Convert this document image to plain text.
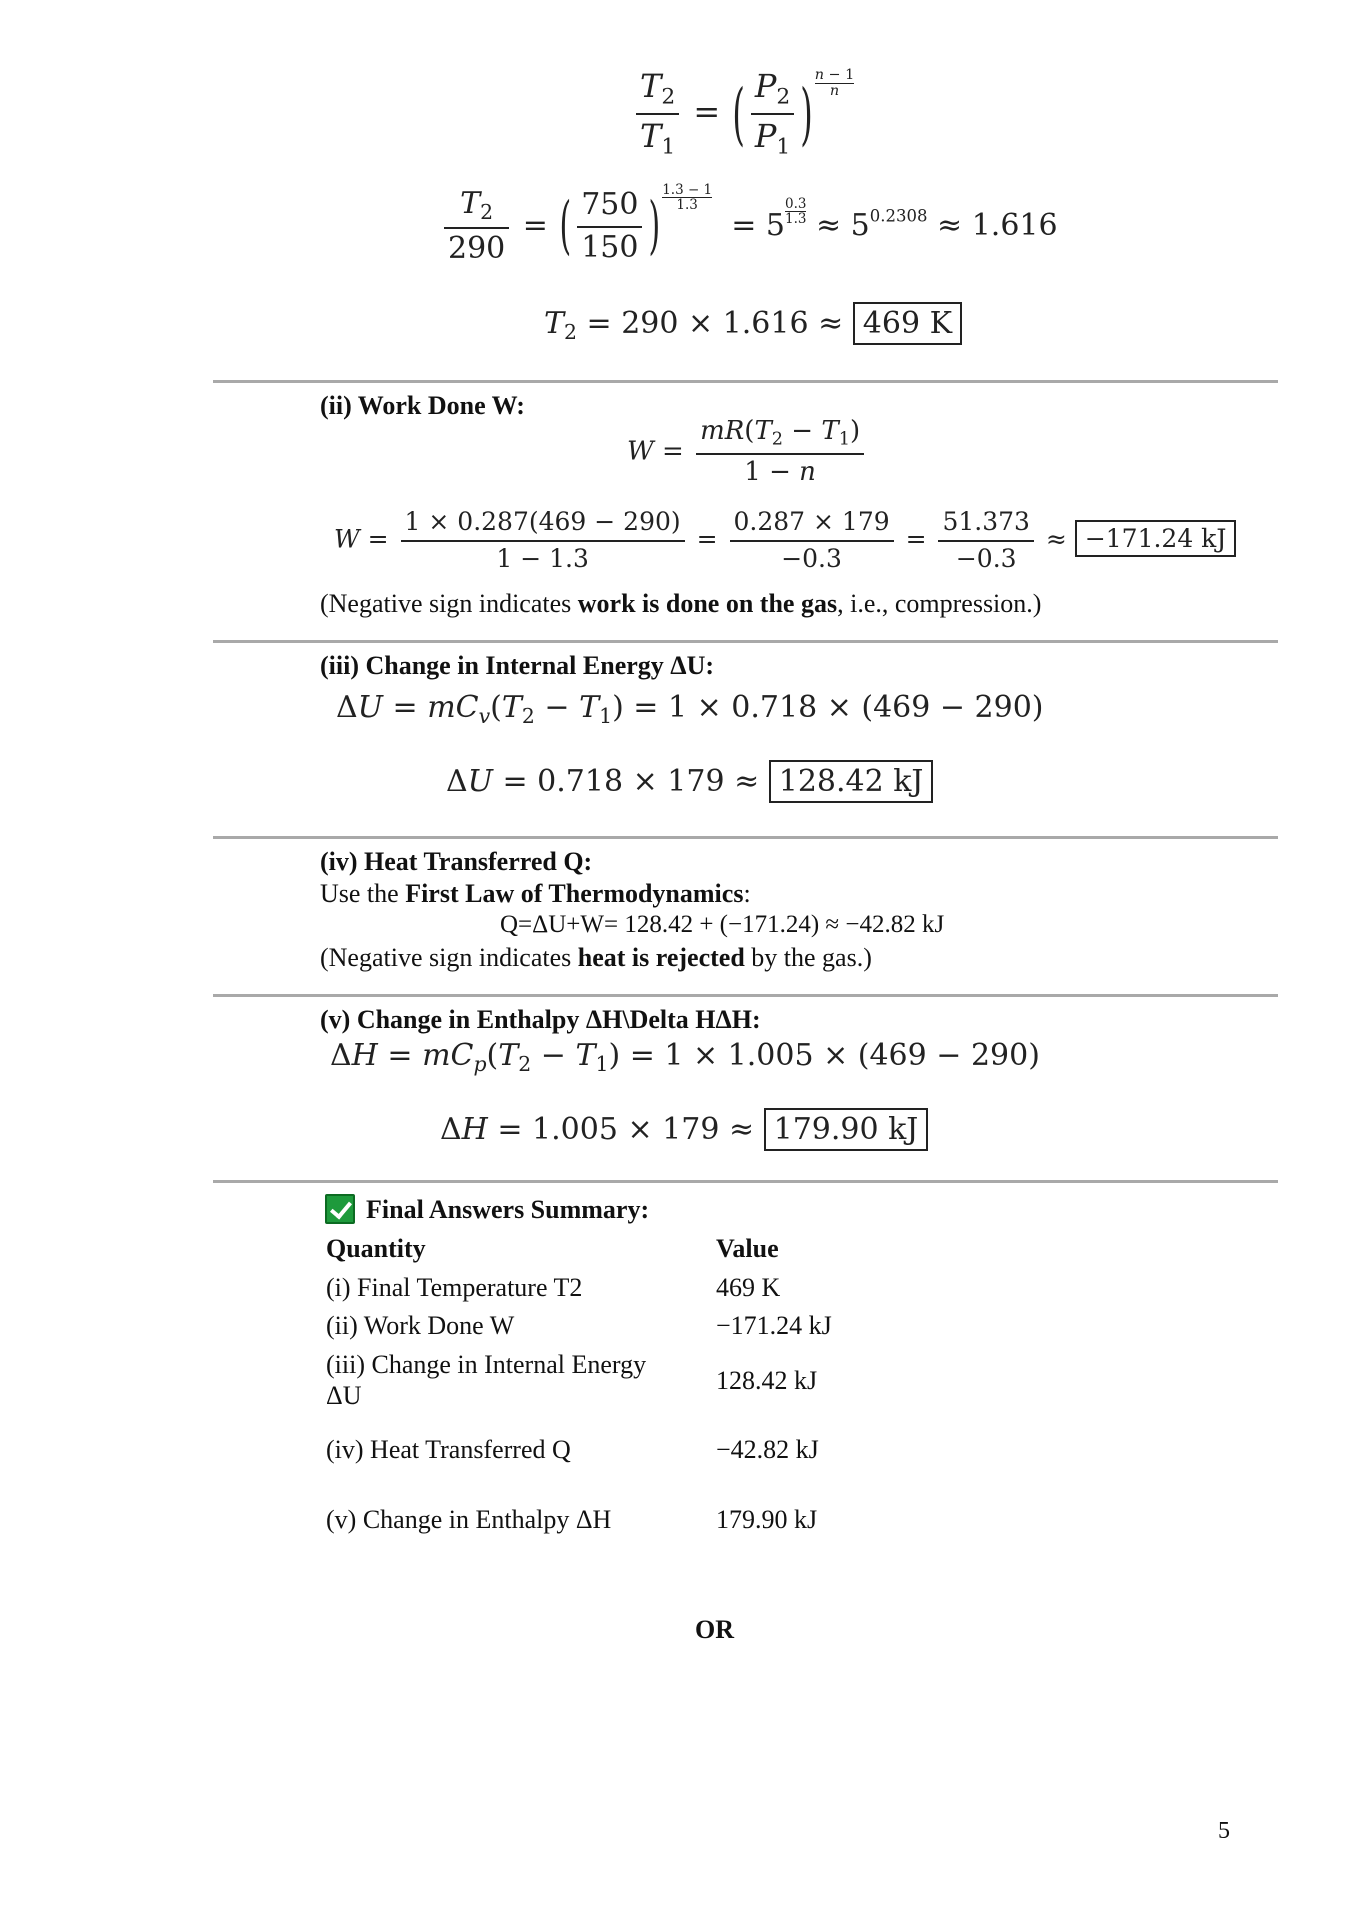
$\frac{T_2}{T_1}$ = ( $\frac{P_2}{P_1}$ ) $\frac{n - 1}{n}$
$\frac{T_2}{290}$ = ( $\frac{750}{150}$ ) $\frac{1.3 - 1}{1.3}$
= $5 \frac{0.3}{1.3} \approx 5^{0.2308} \approx 1.616$
$T_2 = 290 \times 1.616 \approx 469$ K
(ii) Work Done W:
$W = \frac{mR(T_2 - T_1)}{1 - n}$
$W = \frac{1 \times 0.287(469 - 290)}{1 - 1.3} = \frac{0.287 \times 179}{-0.3} = \frac{51.373}{-0.3} \approx -171.24$ kJ
(Negative sign indicates work is done on the gas, i.e., compression.)
(iii) Change in Internal Energy ΔU:
$\Delta U = mC_v(T_2 - T_1) = 1 \times 0.718 \times (469 - 290)$
ΔU = 0.718 × 179 ≈ 128.42 kJ
(iv) Heat Transferred Q:
Use the First Law of Thermodynamics:
Q=ΔU+W= 128.42 + (−171.24) ≈ −42.82 kJ
(Negative sign indicates heat is rejected by the gas.)
(v) Change in Enthalpy ΔH\Delta HΔH:
$\Delta H = mC_p(T_2 - T_1) = 1 \times 1.005 \times (469 - 290)$
ΔH = 1.005 × 179 ≈ 179.90 kJ
Final Answers Summary:
Quantity	Value
(i) Final Temperature T2	469 K
(ii) Work Done W	−171.24 kJ
(iii) Change in Internal Energy
ΔU
128.42 kJ
(iv) Heat Transferred Q	−42.82 kJ
(v) Change in Enthalpy ΔH	179.90 kJ
OR
5
